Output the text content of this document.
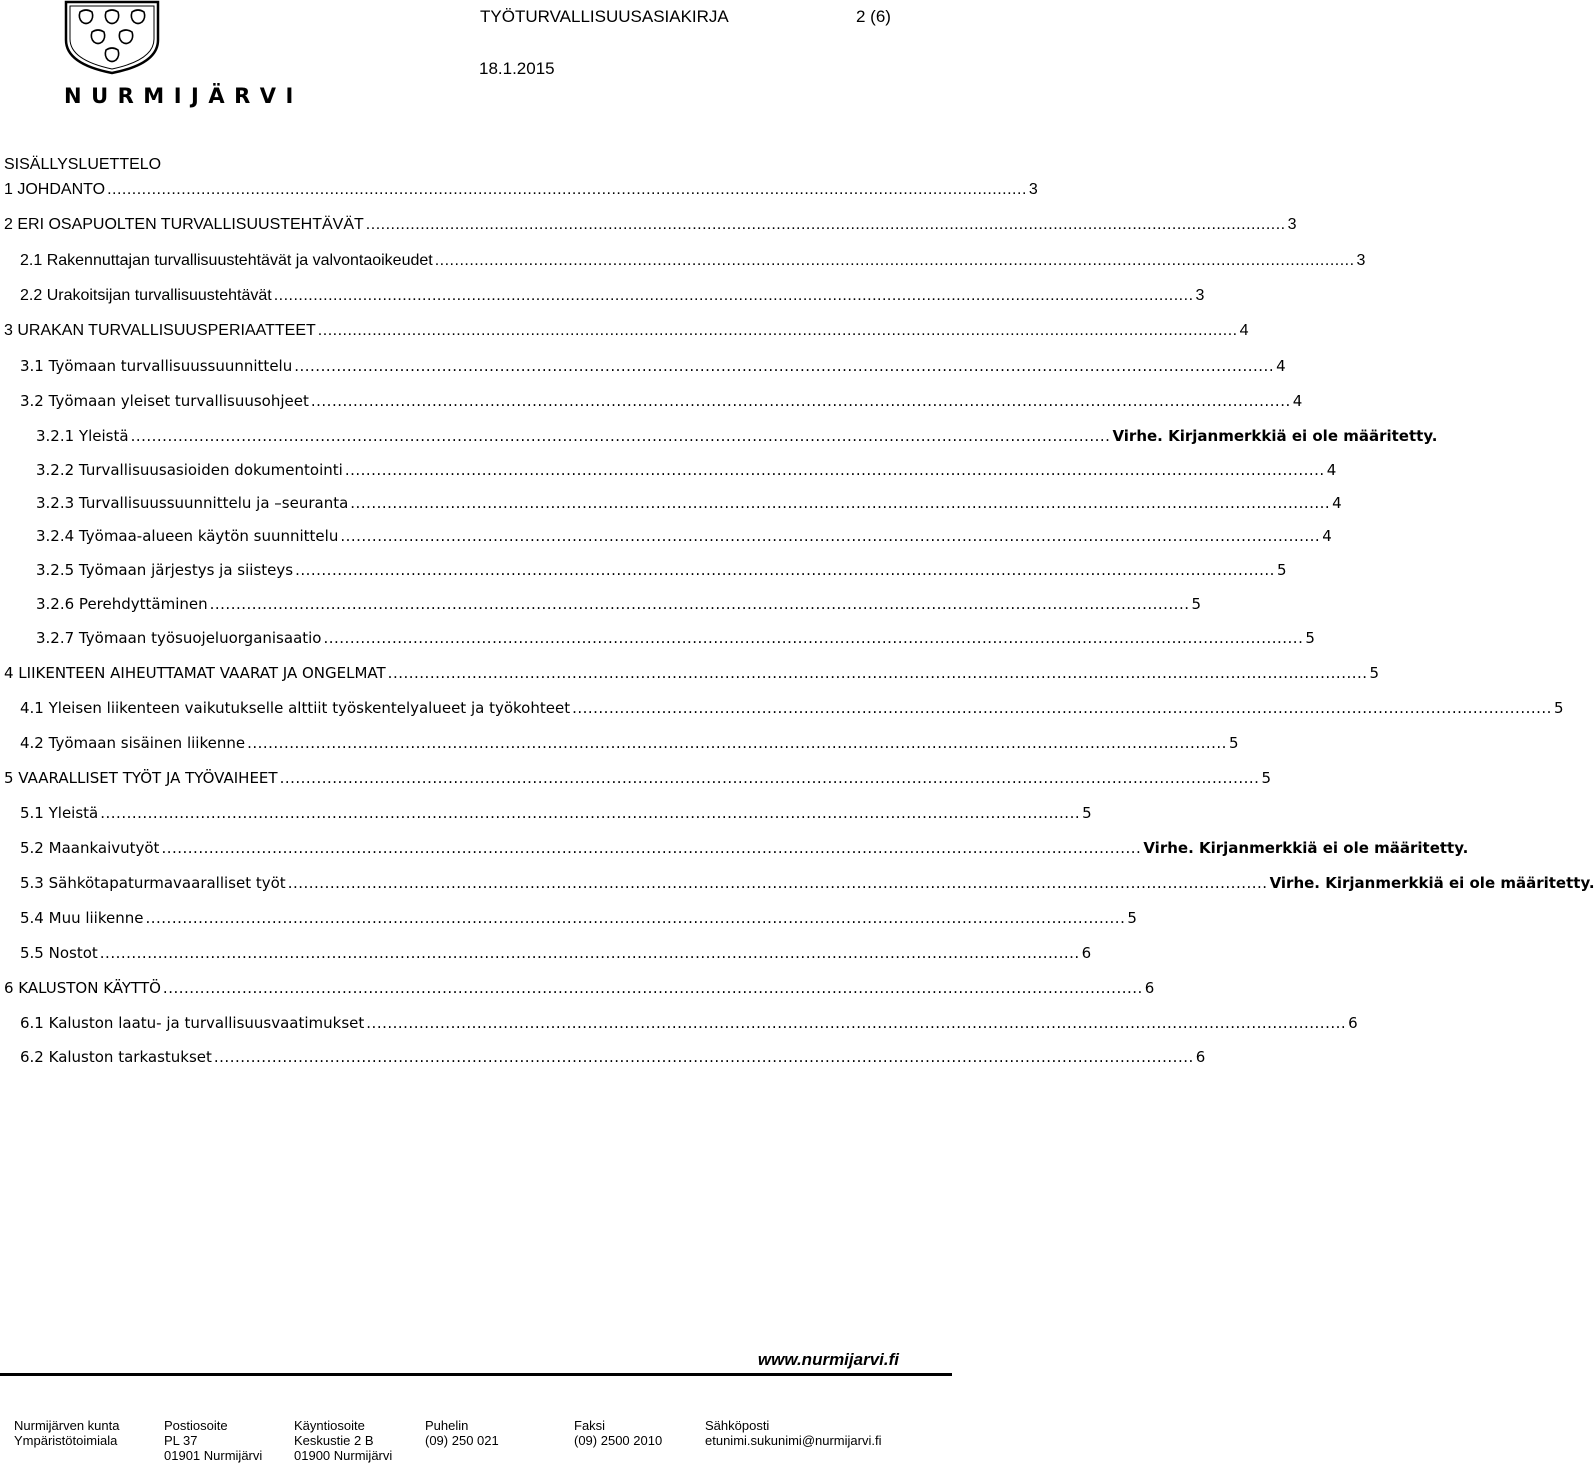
NURMIJÄRVI
TYÖTURVALLISUUSASIAKIRJA	2 (6)
18.1.2015
SISÄLLYSLUETTELO
1 JOHDANTO .......................................................................................................................................................................................... 3
2 ERI OSAPUOLTEN TURVALLISUUSTEHTÄVÄT .......................................................................................................................................................................................... 3
2.1 Rakennuttajan turvallisuustehtävät ja valvontaoikeudet .......................................................................................................................................................................................... 3
2.2 Urakoitsijan turvallisuustehtävät .......................................................................................................................................................................................... 3
3 URAKAN TURVALLISUUSPERIAATTEET .......................................................................................................................................................................................... 4
3.1 Työmaan turvallisuussuunnittelu .......................................................................................................................................................................................... 4
3.2 Työmaan yleiset turvallisuusohjeet .......................................................................................................................................................................................... 4
3.2.1 Yleistä .......................................................................................................................................................................................... Virhe. Kirjanmerkkiä ei ole määritetty.
3.2.2 Turvallisuusasioiden dokumentointi .......................................................................................................................................................................................... 4
3.2.3 Turvallisuussuunnittelu ja –seuranta .......................................................................................................................................................................................... 4
3.2.4 Työmaa-alueen käytön suunnittelu .......................................................................................................................................................................................... 4
3.2.5 Työmaan järjestys ja siisteys .......................................................................................................................................................................................... 5
3.2.6 Perehdyttäminen .......................................................................................................................................................................................... 5
3.2.7 Työmaan työsuojeluorganisaatio .......................................................................................................................................................................................... 5
4 LIIKENTEEN AIHEUTTAMAT VAARAT JA ONGELMAT .......................................................................................................................................................................................... 5
4.1 Yleisen liikenteen vaikutukselle alttiit työskentelyalueet ja työkohteet .......................................................................................................................................................................................... 5
4.2 Työmaan sisäinen liikenne .......................................................................................................................................................................................... 5
5 VAARALLISET TYÖT JA TYÖVAIHEET .......................................................................................................................................................................................... 5
5.1 Yleistä .......................................................................................................................................................................................... 5
5.2 Maankaivutyöt .......................................................................................................................................................................................... Virhe. Kirjanmerkkiä ei ole määritetty.
5.3 Sähkötapaturmavaaralliset työt .......................................................................................................................................................................................... Virhe. Kirjanmerkkiä ei ole määritetty.
5.4 Muu liikenne .......................................................................................................................................................................................... 5
5.5 Nostot .......................................................................................................................................................................................... 6
6 KALUSTON KÄYTTÖ .......................................................................................................................................................................................... 6
6.1 Kaluston laatu- ja turvallisuusvaatimukset .......................................................................................................................................................................................... 6
6.2 Kaluston tarkastukset .......................................................................................................................................................................................... 6
www.nurmijarvi.fi
Nurmijärven kunta
Ympäristötoimiala
Postiosoite
PL 37
01901 Nurmijärvi
Käyntiosoite
Keskustie 2 B
01900 Nurmijärvi
Puhelin
(09) 250 021
Faksi
(09) 2500 2010
Sähköposti
etunimi.sukunimi@nurmijarvi.fi
